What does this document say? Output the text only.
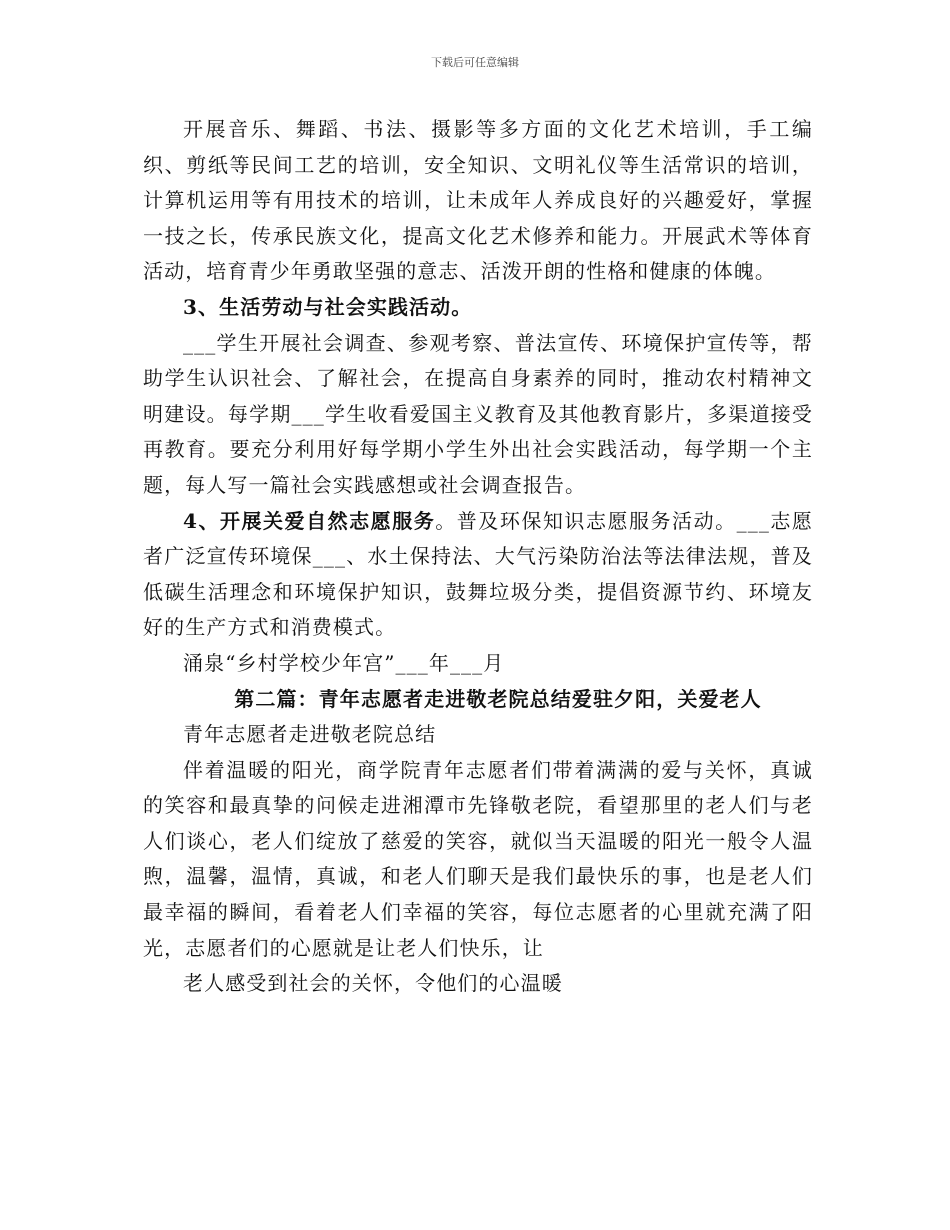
下载后可任意编辑

开展音乐、舞蹈、书法、摄影等多方面的文化艺术培训，手工编织、剪纸等民间工艺的培训，安全知识、文明礼仪等生活常识的培训，计算机运用等有用技术的培训，让未成年人养成良好的兴趣爱好，掌握一技之长，传承民族文化，提高文化艺术修养和能力。开展武术等体育活动，培育青少年勇敢坚强的意志、活泼开朗的性格和健康的体魄。

3、生活劳动与社会实践活动。

___学生开展社会调查、参观考察、普法宣传、环境保护宣传等，帮助学生认识社会、了解社会，在提高自身素养的同时，推动农村精神文明建设。每学期___学生收看爱国主义教育及其他教育影片，多渠道接受再教育。要充分利用好每学期小学生外出社会实践活动，每学期一个主题，每人写一篇社会实践感想或社会调查报告。

4、开展关爱自然志愿服务。普及环保知识志愿服务活动。___志愿者广泛宣传环境保___、水土保持法、大气污染防治法等法律法规，普及低碳生活理念和环境保护知识，鼓舞垃圾分类，提倡资源节约、环境友好的生产方式和消费模式。

涌泉“乡村学校少年宫”___年___月

第二篇：青年志愿者走进敬老院总结爱驻夕阳，关爱老人

青年志愿者走进敬老院总结

伴着温暖的阳光，商学院青年志愿者们带着满满的爱与关怀，真诚的笑容和最真挚的问候走进湘潭市先锋敬老院，看望那里的老人们与老人们谈心，老人们绽放了慈爱的笑容，就似当天温暖的阳光一般令人温煦，温馨，温情，真诚，和老人们聊天是我们最快乐的事，也是老人们最幸福的瞬间，看着老人们幸福的笑容，每位志愿者的心里就充满了阳光，志愿者们的心愿就是让老人们快乐，让

老人感受到社会的关怀，令他们的心温暖
